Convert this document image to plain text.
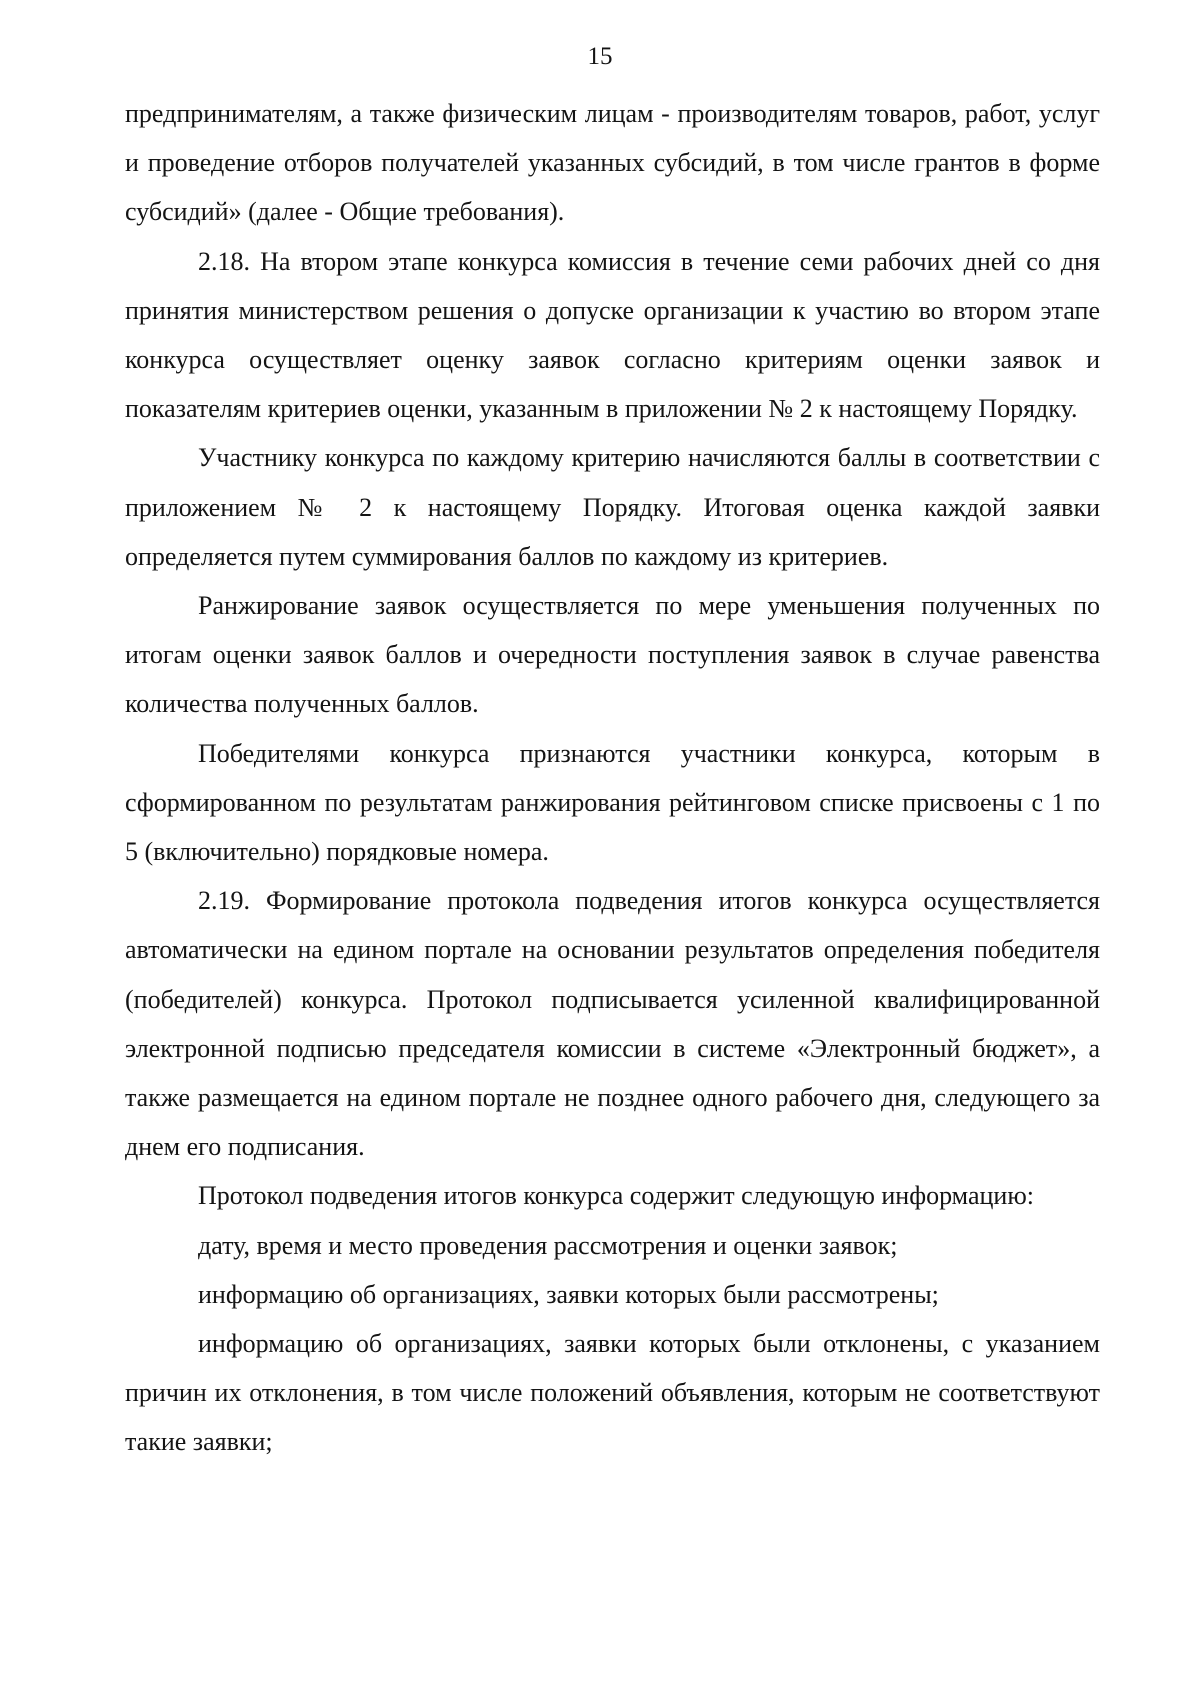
15

предпринимателям, а также физическим лицам - производителям товаров, работ, услуг и проведение отборов получателей указанных субсидий, в том числе грантов в форме субсидий» (далее - Общие требования).

2.18. На втором этапе конкурса комиссия в течение семи рабочих дней со дня принятия министерством решения о допуске организации к участию во втором этапе конкурса осуществляет оценку заявок согласно критериям оценки заявок и показателям критериев оценки, указанным в приложении № 2 к настоящему Порядку.

Участнику конкурса по каждому критерию начисляются баллы в соответствии с приложением № 2 к настоящему Порядку. Итоговая оценка каждой заявки определяется путем суммирования баллов по каждому из критериев.

Ранжирование заявок осуществляется по мере уменьшения полученных по итогам оценки заявок баллов и очередности поступления заявок в случае равенства количества полученных баллов.

Победителями конкурса признаются участники конкурса, которым в сформированном по результатам ранжирования рейтинговом списке присвоены с 1 по 5 (включительно) порядковые номера.

2.19. Формирование протокола подведения итогов конкурса осуществляется автоматически на едином портале на основании результатов определения победителя (победителей) конкурса. Протокол подписывается усиленной квалифицированной электронной подписью председателя комиссии в системе «Электронный бюджет», а также размещается на едином портале не позднее одного рабочего дня, следующего за днем его подписания.

Протокол подведения итогов конкурса содержит следующую информацию:

дату, время и место проведения рассмотрения и оценки заявок;

информацию об организациях, заявки которых были рассмотрены;

информацию об организациях, заявки которых были отклонены, с указанием причин их отклонения, в том числе положений объявления, которым не соответствуют такие заявки;
